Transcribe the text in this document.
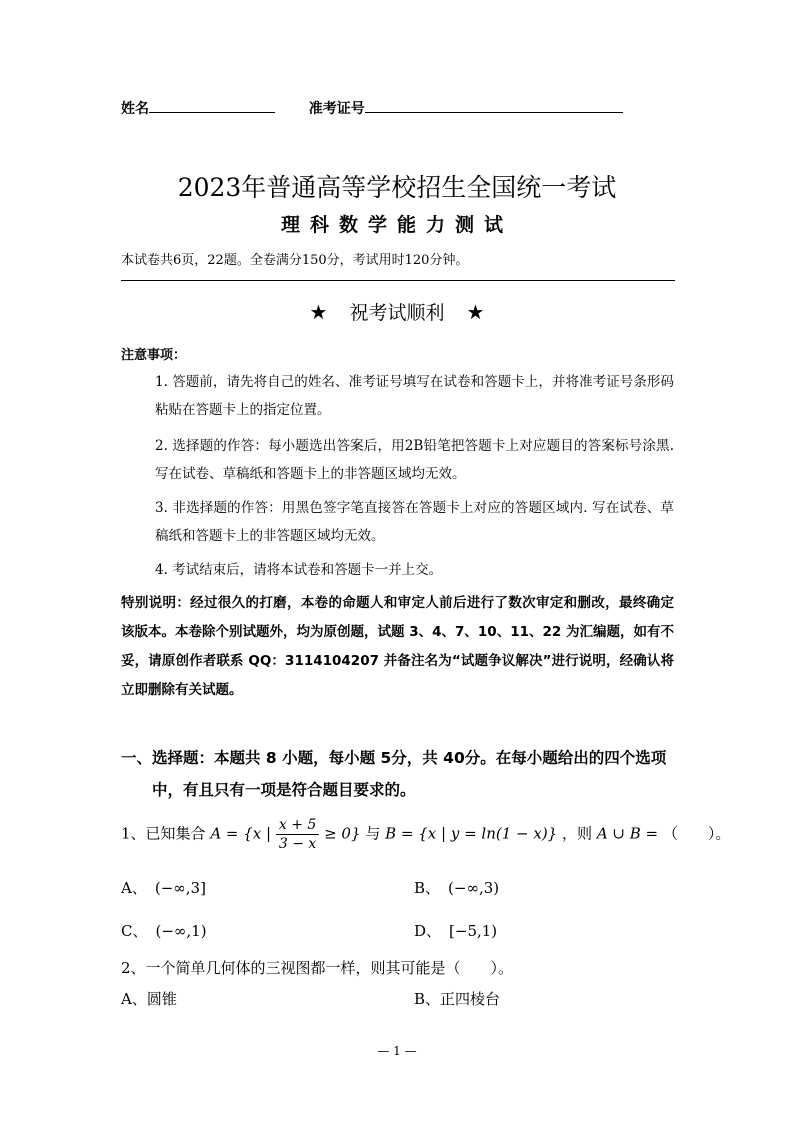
姓名	准考证号
2023年普通高等学校招生全国统一考试
理科数学能力测试
本试卷共6页，22题。全卷满分150分，考试用时120分钟。
★ 祝考试顺利 ★
注意事项：
1. 答题前，请先将自己的姓名、准考证号填写在试卷和答题卡上，并将准考证号条形码粘贴在答题卡上的指定位置。
2. 选择题的作答：每小题选出答案后，用2B铅笔把答题卡上对应题目的答案标号涂黑.写在试卷、草稿纸和答题卡上的非答题区域均无效。
3. 非选择题的作答：用黑色签字笔直接答在答题卡上对应的答题区域内. 写在试卷、草稿纸和答题卡上的非答题区域均无效。
4. 考试结束后，请将本试卷和答题卡一并上交。
特别说明：经过很久的打磨，本卷的命题人和审定人前后进行了数次审定和删改，最终确定该版本。本卷除个别试题外，均为原创题，试题 3、4、7、10、11、22 为汇编题，如有不妥，请原创作者联系 QQ：3114104207 并备注名为“试题争议解决”进行说明，经确认将立即删除有关试题。
一、选择题：本题共 8 小题，每小题 5分，共 40分。在每小题给出的四个选项
中，有且只有一项是符合题目要求的。
1、已知集合 A = {x | $\frac{x + 5}{3 - x} \ge 0$} 与 B = {x | y = ln(1 − x)} ，则 A ∪ B = （　　）。
A、 (−∞,3]	B、 (−∞,3)
C、 (−∞,1)	D、 [−5,1)
2、一个简单几何体的三视图都一样，则其可能是（　　）。
A、圆锥	B、正四棱台
— 1 —
